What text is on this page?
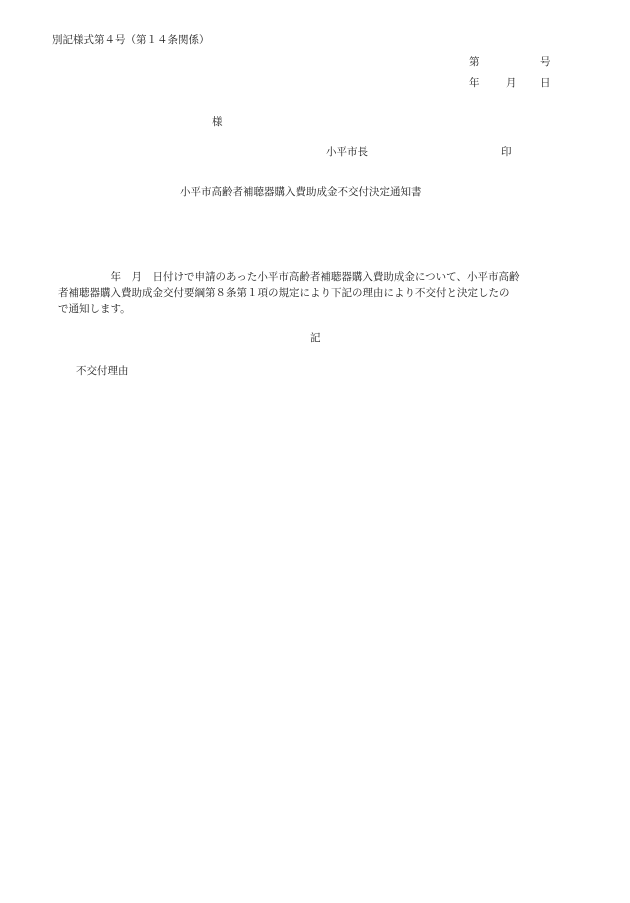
別記様式第４号（第１４条関係）
第	号
年	月 日
様
小平市長	印
小平市高齢者補聴器購入費助成金不交付決定通知書
　　　　　年　月　日付けで申請のあった小平市高齢者補聴器購入費助成金について、小平市高齢
者補聴器購入費助成金交付要綱第８条第１項の規定により下記の理由により不交付と決定したの
で通知します。
記
不交付理由
